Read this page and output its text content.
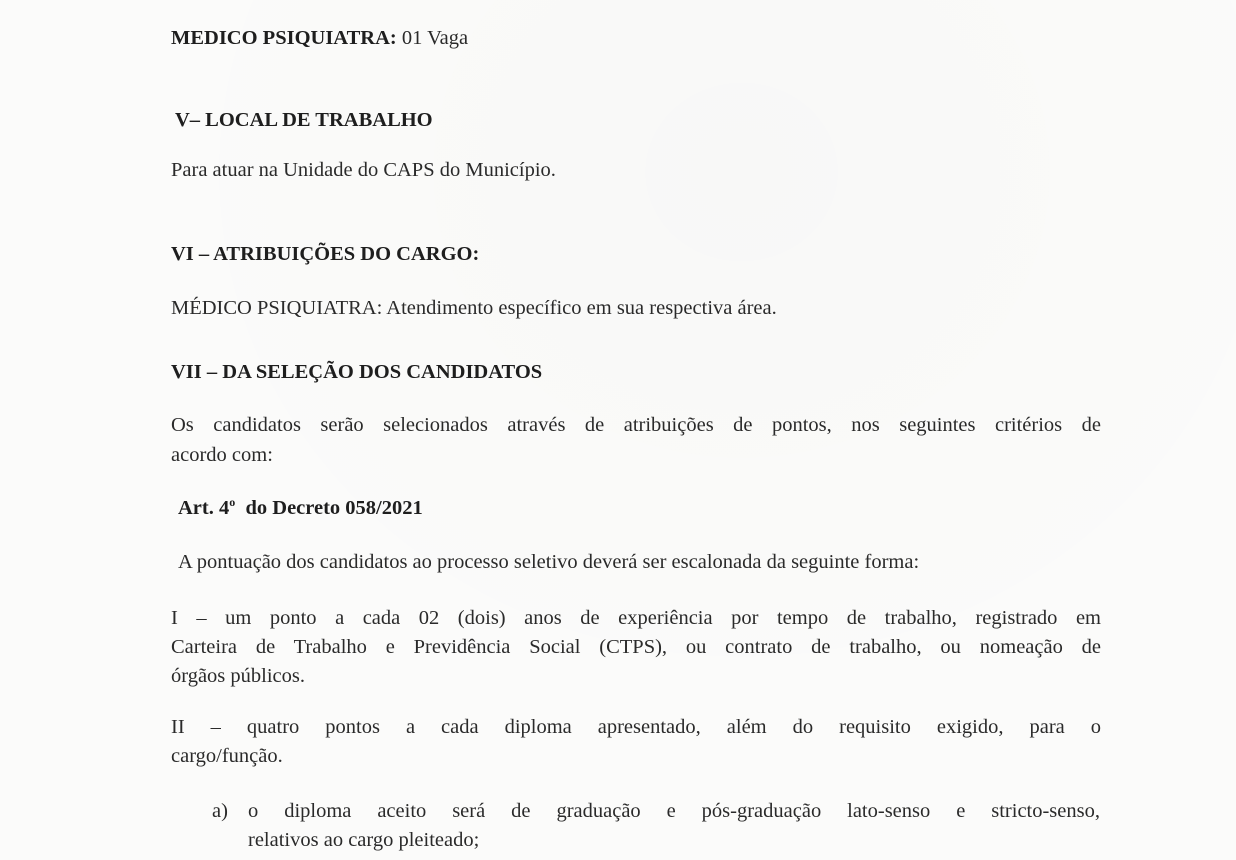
MEDICO PSIQUIATRA: 01 Vaga

V– LOCAL DE TRABALHO

Para atuar na Unidade do CAPS do Município.

VI – ATRIBUIÇÕES DO CARGO:

MÉDICO PSIQUIATRA: Atendimento específico em sua respectiva área.

VII – DA SELEÇÃO DOS CANDIDATOS

Os candidatos serão selecionados através de atribuições de pontos, nos seguintes critérios de
acordo com:

Art. 4$^o$  do Decreto 058/2021

A pontuação dos candidatos ao processo seletivo deverá ser escalonada da seguinte forma:

I – um ponto a cada 02 (dois) anos de experiência por tempo de trabalho, registrado em
Carteira de Trabalho e Previdência Social (CTPS), ou contrato de trabalho, ou nomeação de
órgãos públicos.
II – quatro pontos a cada diploma apresentado, além do requisito exigido, para o
cargo/função.
a) o diploma aceito será de graduação e pós-graduação lato-senso e stricto-senso,
relativos ao cargo pleiteado;
